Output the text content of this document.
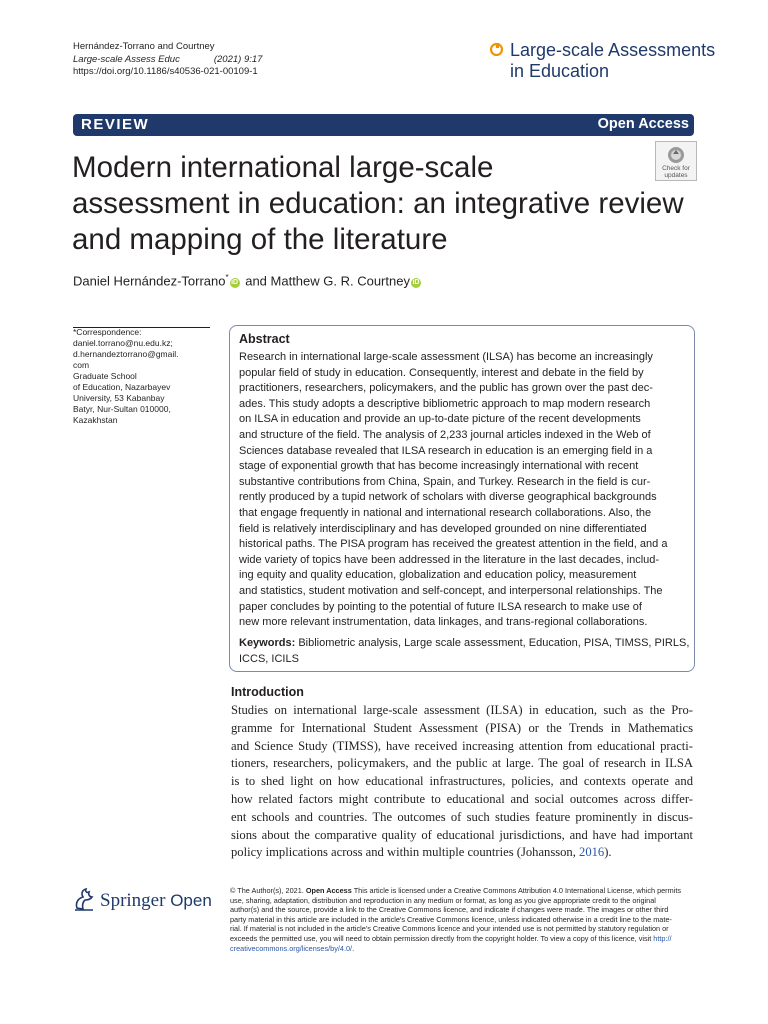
Hernández-Torrano and Courtney
Large-scale Assess Educ	(2021) 9:17
https://doi.org/10.1186/s40536-021-00109-1
Large-scale Assessments
in Education
REVIEW	Open Access
Modern international large-scale
assessment in education: an integrative review
and mapping of the literature
Check for
updates
Daniel Hernández-Torrano*iD and Matthew G. R. Courtney iD
*Correspondence:
daniel.torrano@nu.edu.kz;
d.hernandeztorrano@gmail.
com
Graduate School
of Education, Nazarbayev
University, 53 Kabanbay
Batyr, Nur-Sultan 010000,
Kazakhstan
Abstract
Research in international large-scale assessment (ILSA) has become an increasingly
popular field of study in education. Consequently, interest and debate in the field by
practitioners, researchers, policymakers, and the public has grown over the past dec-
ades. This study adopts a descriptive bibliometric approach to map modern research
on ILSA in education and provide an up-to-date picture of the recent developments
and structure of the field. The analysis of 2,233 journal articles indexed in the Web of
Sciences database revealed that ILSA research in education is an emerging field in a
stage of exponential growth that has become increasingly international with recent
substantive contributions from China, Spain, and Turkey. Research in the field is cur-
rently produced by a tupid network of scholars with diverse geographical backgrounds
that engage frequently in national and international research collaborations. Also, the
field is relatively interdisciplinary and has developed grounded on nine differentiated
historical paths. The PISA program has received the greatest attention in the field, and a
wide variety of topics have been addressed in the literature in the last decades, includ-
ing equity and quality education, globalization and education policy, measurement
and statistics, student motivation and self-concept, and interpersonal relationships. The
paper concludes by pointing to the potential of future ILSA research to make use of
new more relevant instrumentation, data linkages, and trans-regional collaborations.
Keywords: Bibliometric analysis, Large scale assessment, Education, PISA, TIMSS, PIRLS,
ICCS, ICILS
Introduction
Studies on international large-scale assessment (ILSA) in education, such as the Pro-
gramme for International Student Assessment (PISA) or the Trends in Mathematics
and Science Study (TIMSS), have received increasing attention from educational practi-
tioners, researchers, policymakers, and the public at large. The goal of research in ILSA
is to shed light on how educational infrastructures, policies, and contexts operate and
how related factors might contribute to educational and social outcomes across differ-
ent schools and countries. The outcomes of such studies feature prominently in discus-
sions about the comparative quality of educational jurisdictions, and have had important
policy implications across and within multiple countries (Johansson, 2016).
Springer Open
© The Author(s), 2021. Open Access This article is licensed under a Creative Commons Attribution 4.0 International License, which permits
use, sharing, adaptation, distribution and reproduction in any medium or format, as long as you give appropriate credit to the original
author(s) and the source, provide a link to the Creative Commons licence, and indicate if changes were made. The images or other third
party material in this article are included in the article's Creative Commons licence, unless indicated otherwise in a credit line to the mate-
rial. If material is not included in the article's Creative Commons licence and your intended use is not permitted by statutory regulation or
exceeds the permitted use, you will need to obtain permission directly from the copyright holder. To view a copy of this licence, visit http://
creativecommons.org/licenses/by/4.0/.
